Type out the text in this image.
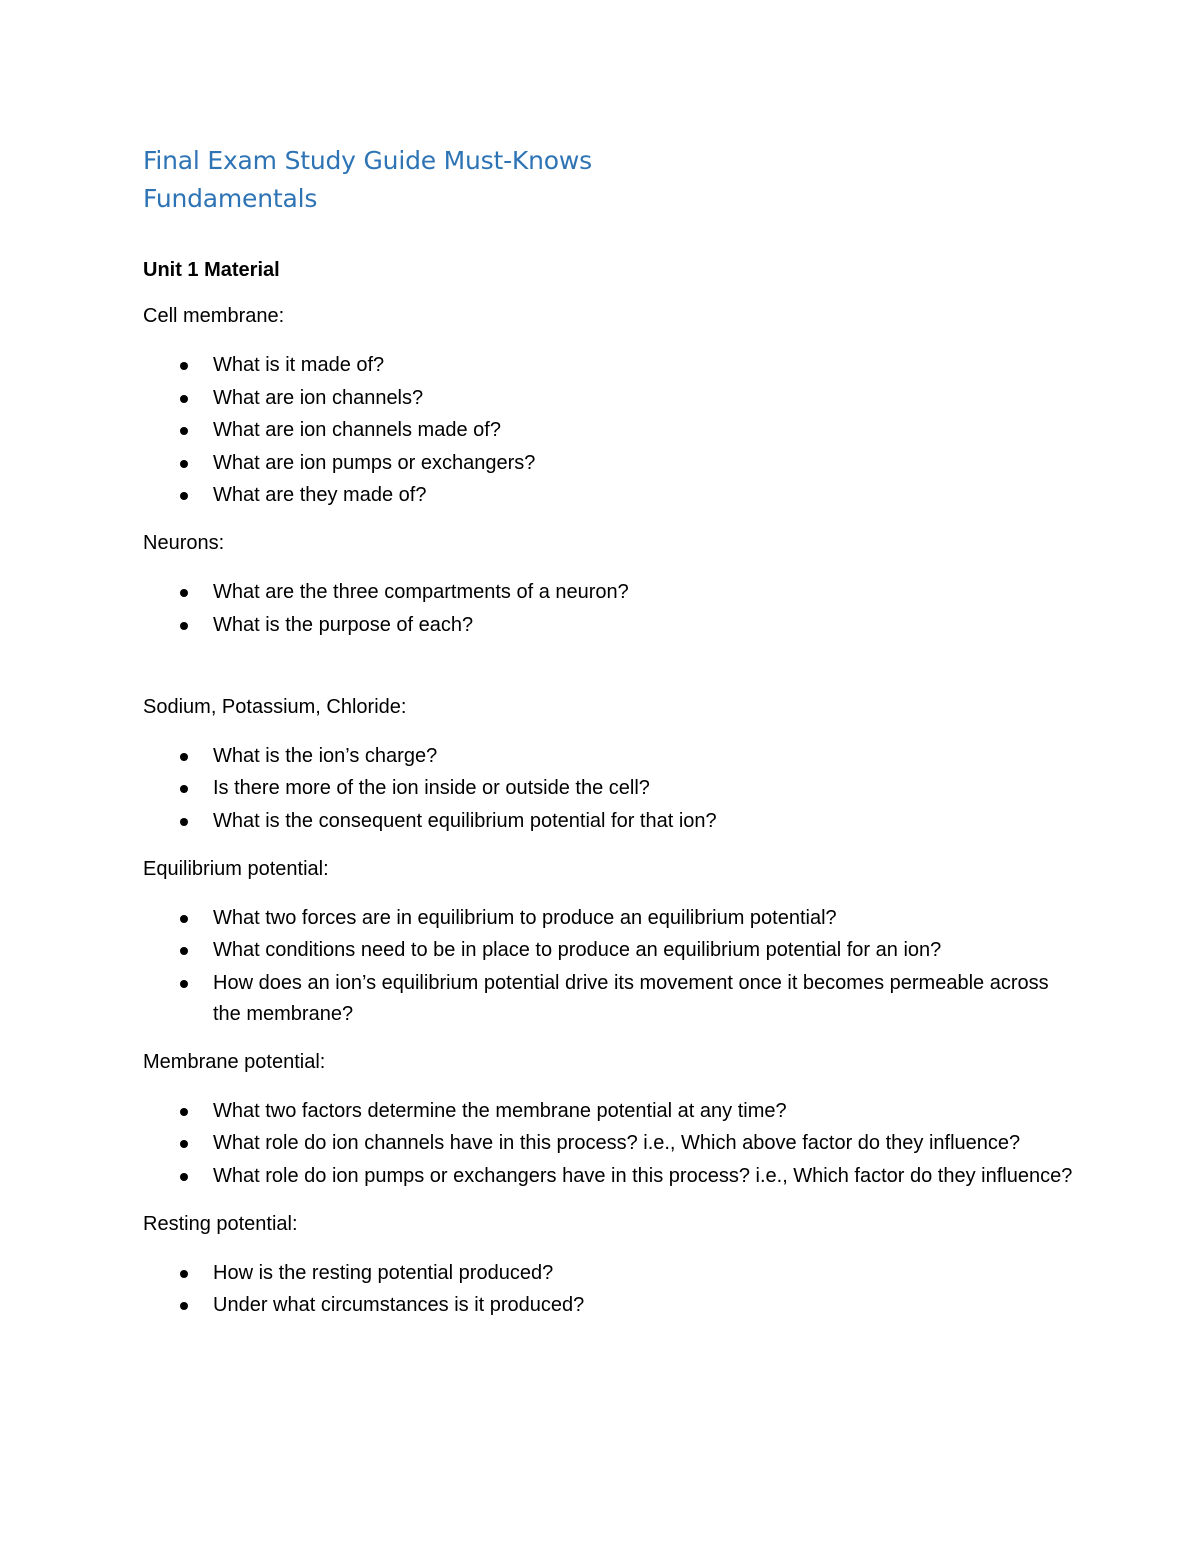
Final Exam Study Guide Must-Knows
Fundamentals
Unit 1 Material
Cell membrane:
What is it made of?
What are ion channels?
What are ion channels made of?
What are ion pumps or exchangers?
What are they made of?
Neurons:
What are the three compartments of a neuron?
What is the purpose of each?
Sodium, Potassium, Chloride:
What is the ion’s charge?
Is there more of the ion inside or outside the cell?
What is the consequent equilibrium potential for that ion?
Equilibrium potential:
What two forces are in equilibrium to produce an equilibrium potential?
What conditions need to be in place to produce an equilibrium potential for an ion?
How does an ion’s equilibrium potential drive its movement once it becomes permeable across the membrane?
Membrane potential:
What two factors determine the membrane potential at any time?
What role do ion channels have in this process? i.e., Which above factor do they influence?
What role do ion pumps or exchangers have in this process? i.e., Which factor do they influence?
Resting potential:
How is the resting potential produced?
Under what circumstances is it produced?
